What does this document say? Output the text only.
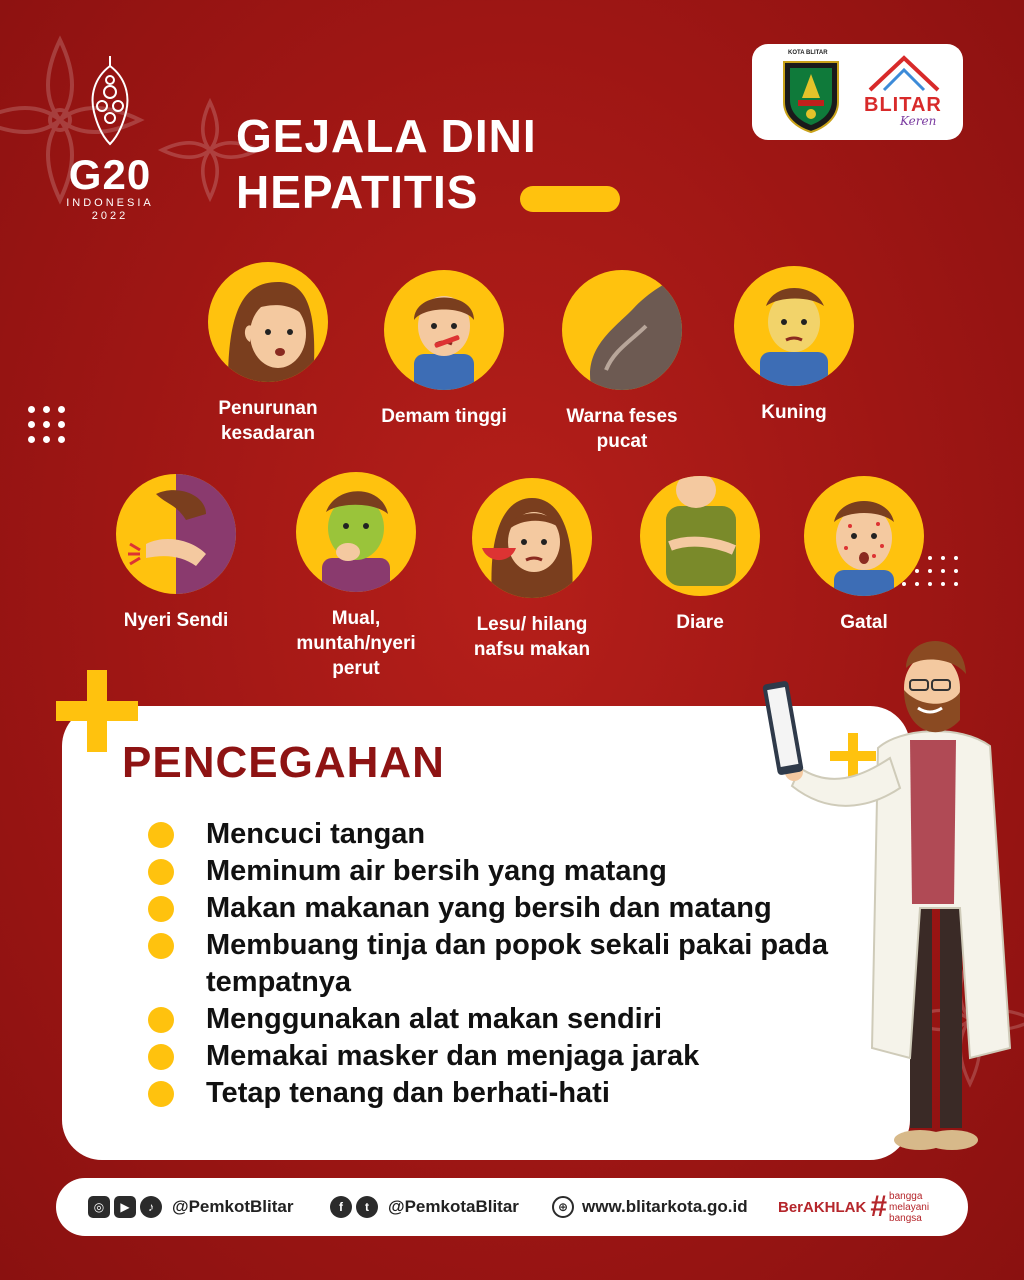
G20
INDONESIA
2022
GEJALA DINI
HEPATITIS
KOTA BLITAR
BLITAR
Keren
Penurunan kesadaran
Demam tinggi	Warna feses pucat
Kuning
Nyeri Sendi	Mual, muntah/nyeri perut
Lesu/ hilang nafsu makan
Diare	Gatal
PENCEGAHAN
Mencuci tangan
Meminum air bersih yang matang
Makan makanan yang bersih dan matang
Membuang tinja dan popok sekali pakai pada tempatnya
Menggunakan alat makan sendiri
Memakai masker dan menjaga jarak
Tetap tenang dan berhati-hati
◎	▶	♪	@PemkotBlitar	f	t	@PemkotaBlitar	⊕ www.blitarkota.go.id BerAKHLAK # bangga
melayani
bangsa
